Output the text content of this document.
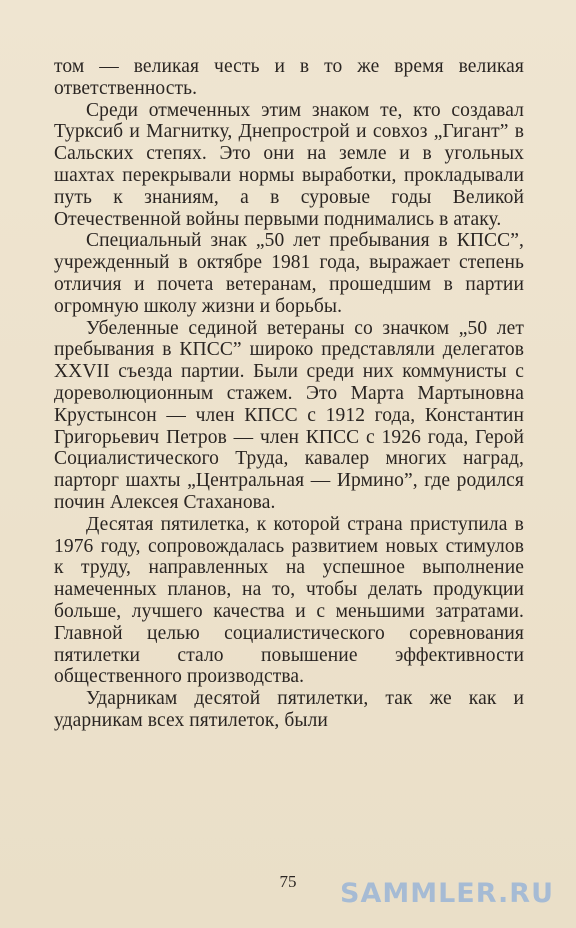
том — великая честь и в то же время великая ответственность.

Среди отмеченных этим знаком те, кто создавал Турксиб и Магнитку, Днепрострой и совхоз „Гигант” в Сальских степях. Это они на земле и в угольных шахтах перекрывали нормы выработки, прокладывали путь к знаниям, а в суровые годы Великой Отечественной войны первыми поднимались в атаку.

Специальный знак „50 лет пребывания в КПСС”, учрежденный в октябре 1981 года, выражает степень отличия и почета ветеранам, прошедшим в партии огромную школу жизни и борьбы.

Убеленные сединой ветераны со значком „50 лет пребывания в КПСС” широко представляли делегатов XXVII съезда партии. Были среди них коммунисты с дореволюционным стажем. Это Марта Мартыновна Крустынсон — член КПСС с 1912 года, Константин Григорьевич Петров — член КПСС с 1926 года, Герой Социалистического Труда, кавалер многих наград, парторг шахты „Центральная — Ирмино”, где родился почин Алексея Стаханова.

Десятая пятилетка, к которой страна приступила в 1976 году, сопровождалась развитием новых стимулов к труду, направленных на успешное выполнение намеченных планов, на то, чтобы делать продукции больше, лучшего качества и с меньшими затратами. Главной целью социалистического соревнования пятилетки стало повышение эффективности общественного производства.

Ударникам десятой пятилетки, так же как и ударникам всех пятилеток, были

75	SAMMLER.RU
